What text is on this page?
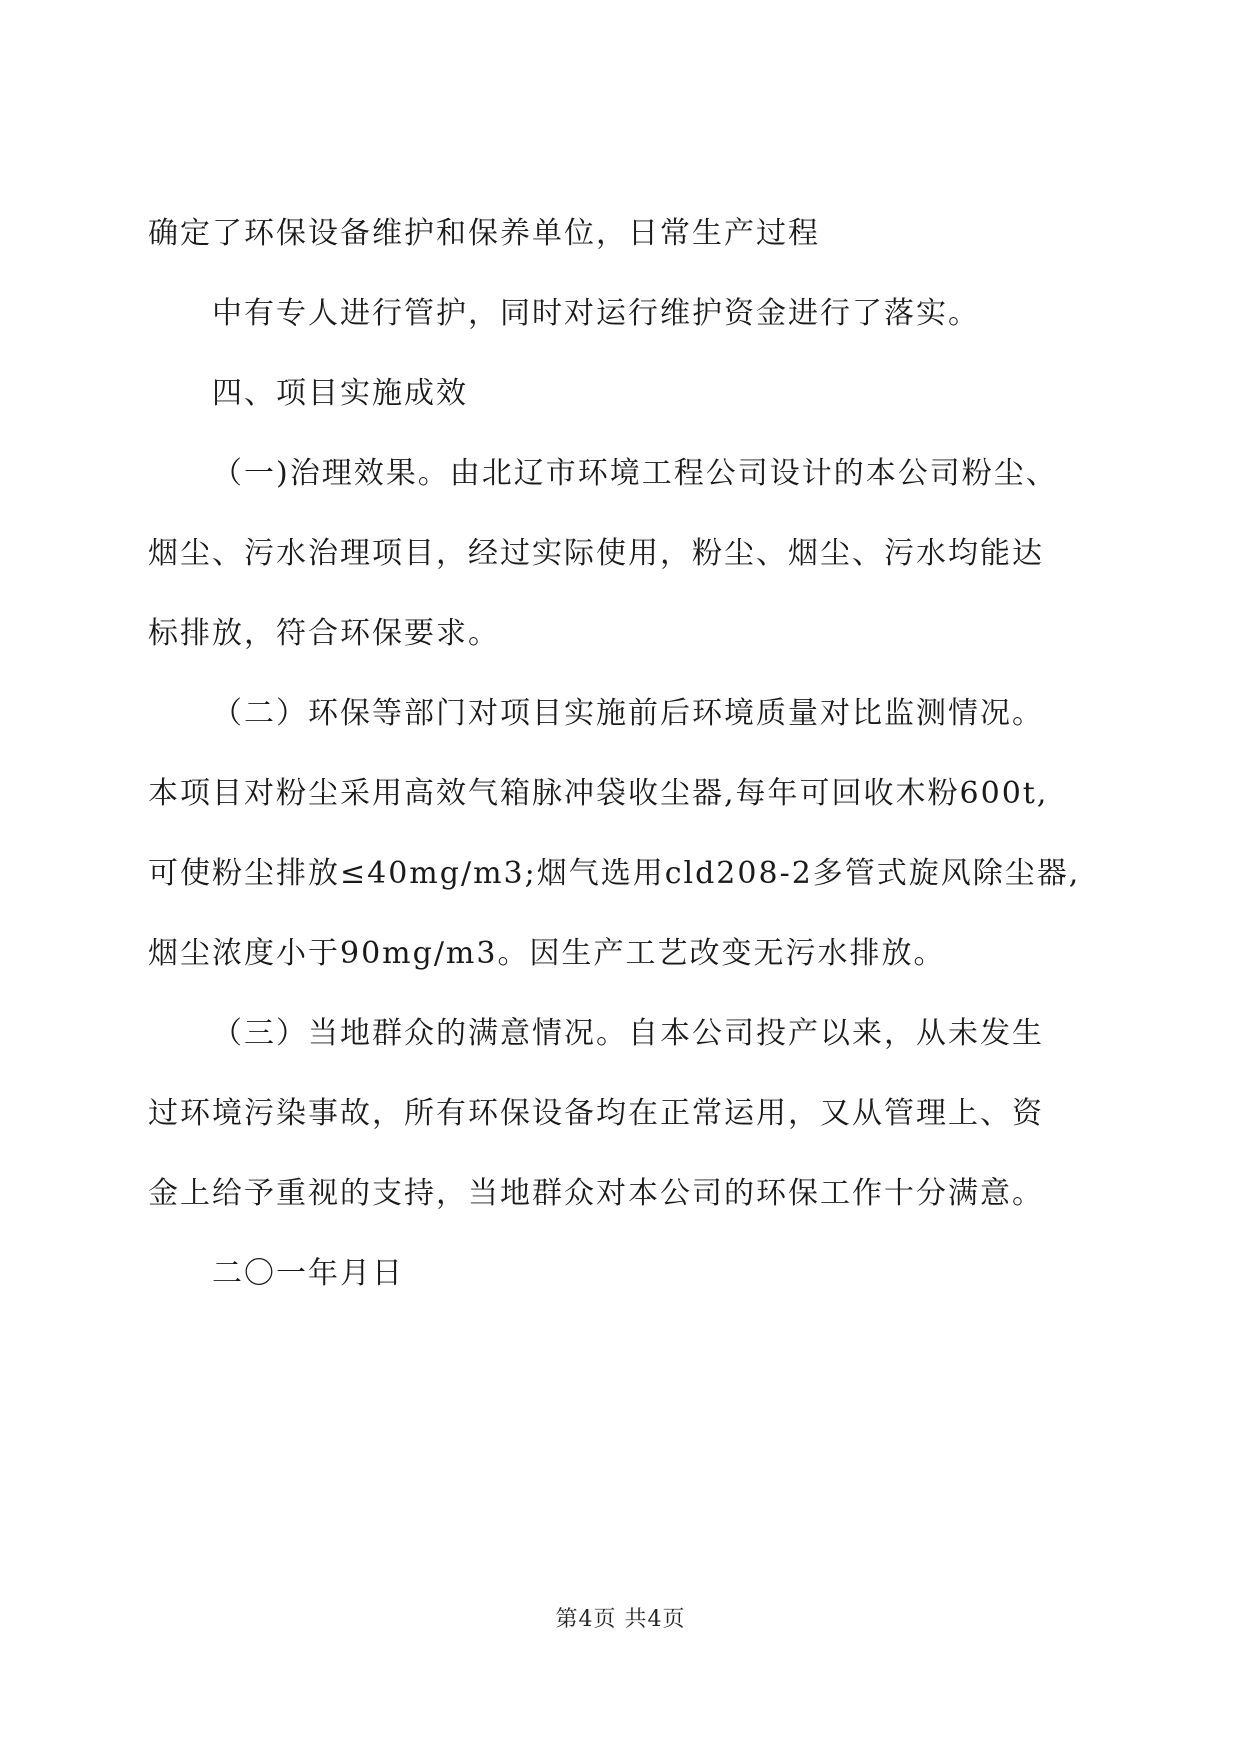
确定了环保设备维护和保养单位，日常生产过程
中有专人进行管护，同时对运行维护资金进行了落实。
四、项目实施成效
（一)治理效果。由北辽市环境工程公司设计的本公司粉尘、
烟尘、污水治理项目，经过实际使用，粉尘、烟尘、污水均能达
标排放，符合环保要求。
（二）环保等部门对项目实施前后环境质量对比监测情况。
本项目对粉尘采用高效气箱脉冲袋收尘器,每年可回收木粉600t,
可使粉尘排放≤40mg/m3;烟气选用cld208-2多管式旋风除尘器,
烟尘浓度小于90mg/m3。因生产工艺改变无污水排放。
（三）当地群众的满意情况。自本公司投产以来，从未发生
过环境污染事故，所有环保设备均在正常运用，又从管理上、资
金上给予重视的支持，当地群众对本公司的环保工作十分满意。
二〇一年月日
第4页 共4页
